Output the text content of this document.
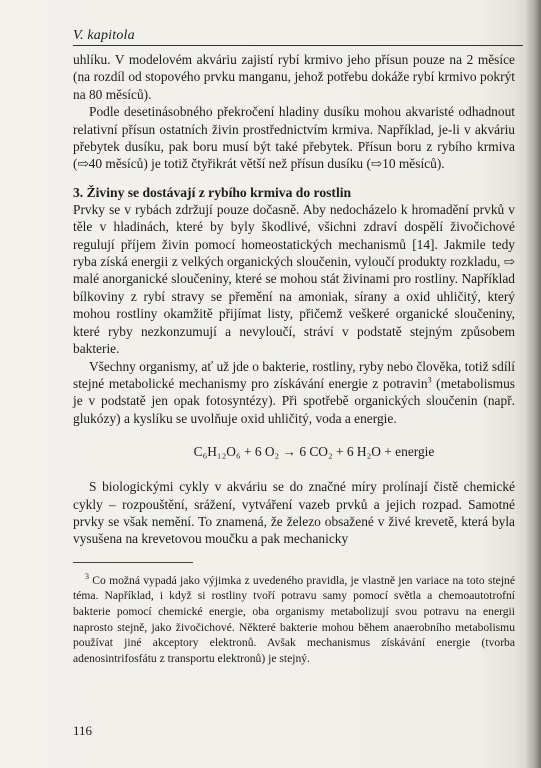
V. kapitola

uhlíku. V modelovém akváriu zajistí rybí krmivo jeho přísun pouze na 2 měsíce (na rozdíl od stopového prvku manganu, jehož potřebu dokáže rybí krmivo pokrýt na 80 měsíců).

Podle desetinásobného překročení hladiny dusíku mohou akvaristé odhadnout relativní přísun ostatních živin prostřednictvím krmiva. Například, je-li v akváriu přebytek dusíku, pak boru musí být také přebytek. Přísun boru z rybího krmiva (⇨40 měsíců) je totiž čtyřikrát větší než přísun dusíku (⇨10 měsíců).

3. Živiny se dostávají z rybího krmiva do rostlin

Prvky se v rybách zdržují pouze dočasně. Aby nedocházelo k hromadění prvků v těle v hladinách, které by byly škodlivé, všichni zdraví dospělí živočichové regulují příjem živin pomocí homeostatických mechanismů [14]. Jakmile tedy ryba získá energii z velkých organických sloučenin, vyloučí produkty rozkladu, ⇨ malé anorganické sloučeniny, které se mohou stát živinami pro rostliny. Například bílkoviny z rybí stravy se přemění na amoniak, sírany a oxid uhličitý, který mohou rostliny okamžitě přijímat listy, přičemž veškeré organické sloučeniny, které ryby nezkonzumují a nevyloučí, stráví v podstatě stejným způsobem bakterie.

Všechny organismy, ať už jde o bakterie, rostliny, ryby nebo člověka, totiž sdílí stejné metabolické mechanismy pro získávání energie z potravin$^3$ (metabolismus je v podstatě jen opak fotosyntézy). Při spotřebě organických sloučenin (např. glukózy) a kyslíku se uvolňuje oxid uhličitý, voda a energie.

C₆H₁₂O₆ + 6 O₂ → 6 CO₂ + 6 H₂O + energie

S biologickými cykly v akváriu se do značné míry prolínají čistě chemické cykly – rozpouštění, srážení, vytváření vazeb prvků a jejich rozpad. Samotné prvky se však nemění. To znamená, že železo obsažené v živé krevetě, která byla vysušena na krevetovou moučku a pak mechanicky

$^3$ Co možná vypadá jako výjimka z uvedeného pravidla, je vlastně jen variace na toto stejné téma. Například, i když si rostliny tvoří potravu samy pomocí světla a chemoautotrofní bakterie pomocí chemické energie, oba organismy metabolizují svou potravu na energii naprosto stejně, jako živočichové. Některé bakterie mohou během anaerobního metabolismu používat jiné akceptory elektronů. Avšak mechanismus získávání energie (tvorba adenosintrifosfátu z transportu elektronů) je stejný.

116
